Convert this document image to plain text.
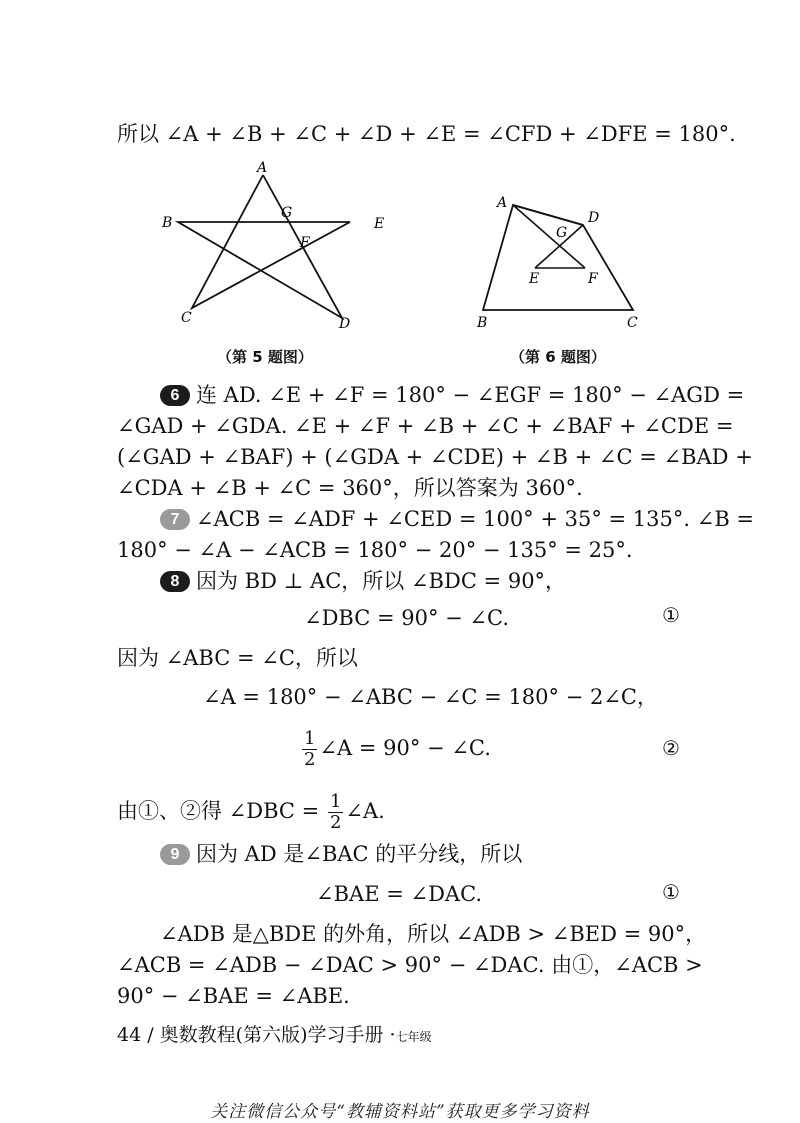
所以 ∠A + ∠B + ∠C + ∠D + ∠E = ∠CFD + ∠DFE = 180°.
A
B
C	D
E
F
G
（第 5 题图）
A
B	C
D
E	F
G
（第 6 题图）
6 连 AD. ∠E + ∠F = 180° − ∠EGF = 180° − ∠AGD =
∠GAD + ∠GDA. ∠E + ∠F + ∠B + ∠C + ∠BAF + ∠CDE =
(∠GAD + ∠BAF) + (∠GDA + ∠CDE) + ∠B + ∠C = ∠BAD +
∠CDA + ∠B + ∠C = 360°，所以答案为 360°.
7 ∠ACB = ∠ADF + ∠CED = 100° + 35° = 135°. ∠B =
180° − ∠A − ∠ACB = 180° − 20° − 135° = 25°.
8 因为 BD ⊥ AC，所以 ∠BDC = 90°，
∠DBC = 90° − ∠C.	①
因为 ∠ABC = ∠C，所以
∠A = 180° − ∠ABC − ∠C = 180° − 2∠C，
$\frac{1}{2}$ ∠A = 90° − ∠C.	②
由①、②得 ∠DBC = $\frac{1}{2}$ ∠A.
9 因为 AD 是∠BAC 的平分线，所以
∠BAE = ∠DAC.	①
∠ADB 是△BDE 的外角，所以 ∠ADB > ∠BED = 90°，
∠ACB = ∠ADB − ∠DAC > 90° − ∠DAC. 由①，∠ACB >
90° − ∠BAE = ∠ABE.
44 / 奥数教程(第六版)学习手册 ·七年级
关注微信公众号“教辅资料站”获取更多学习资料
